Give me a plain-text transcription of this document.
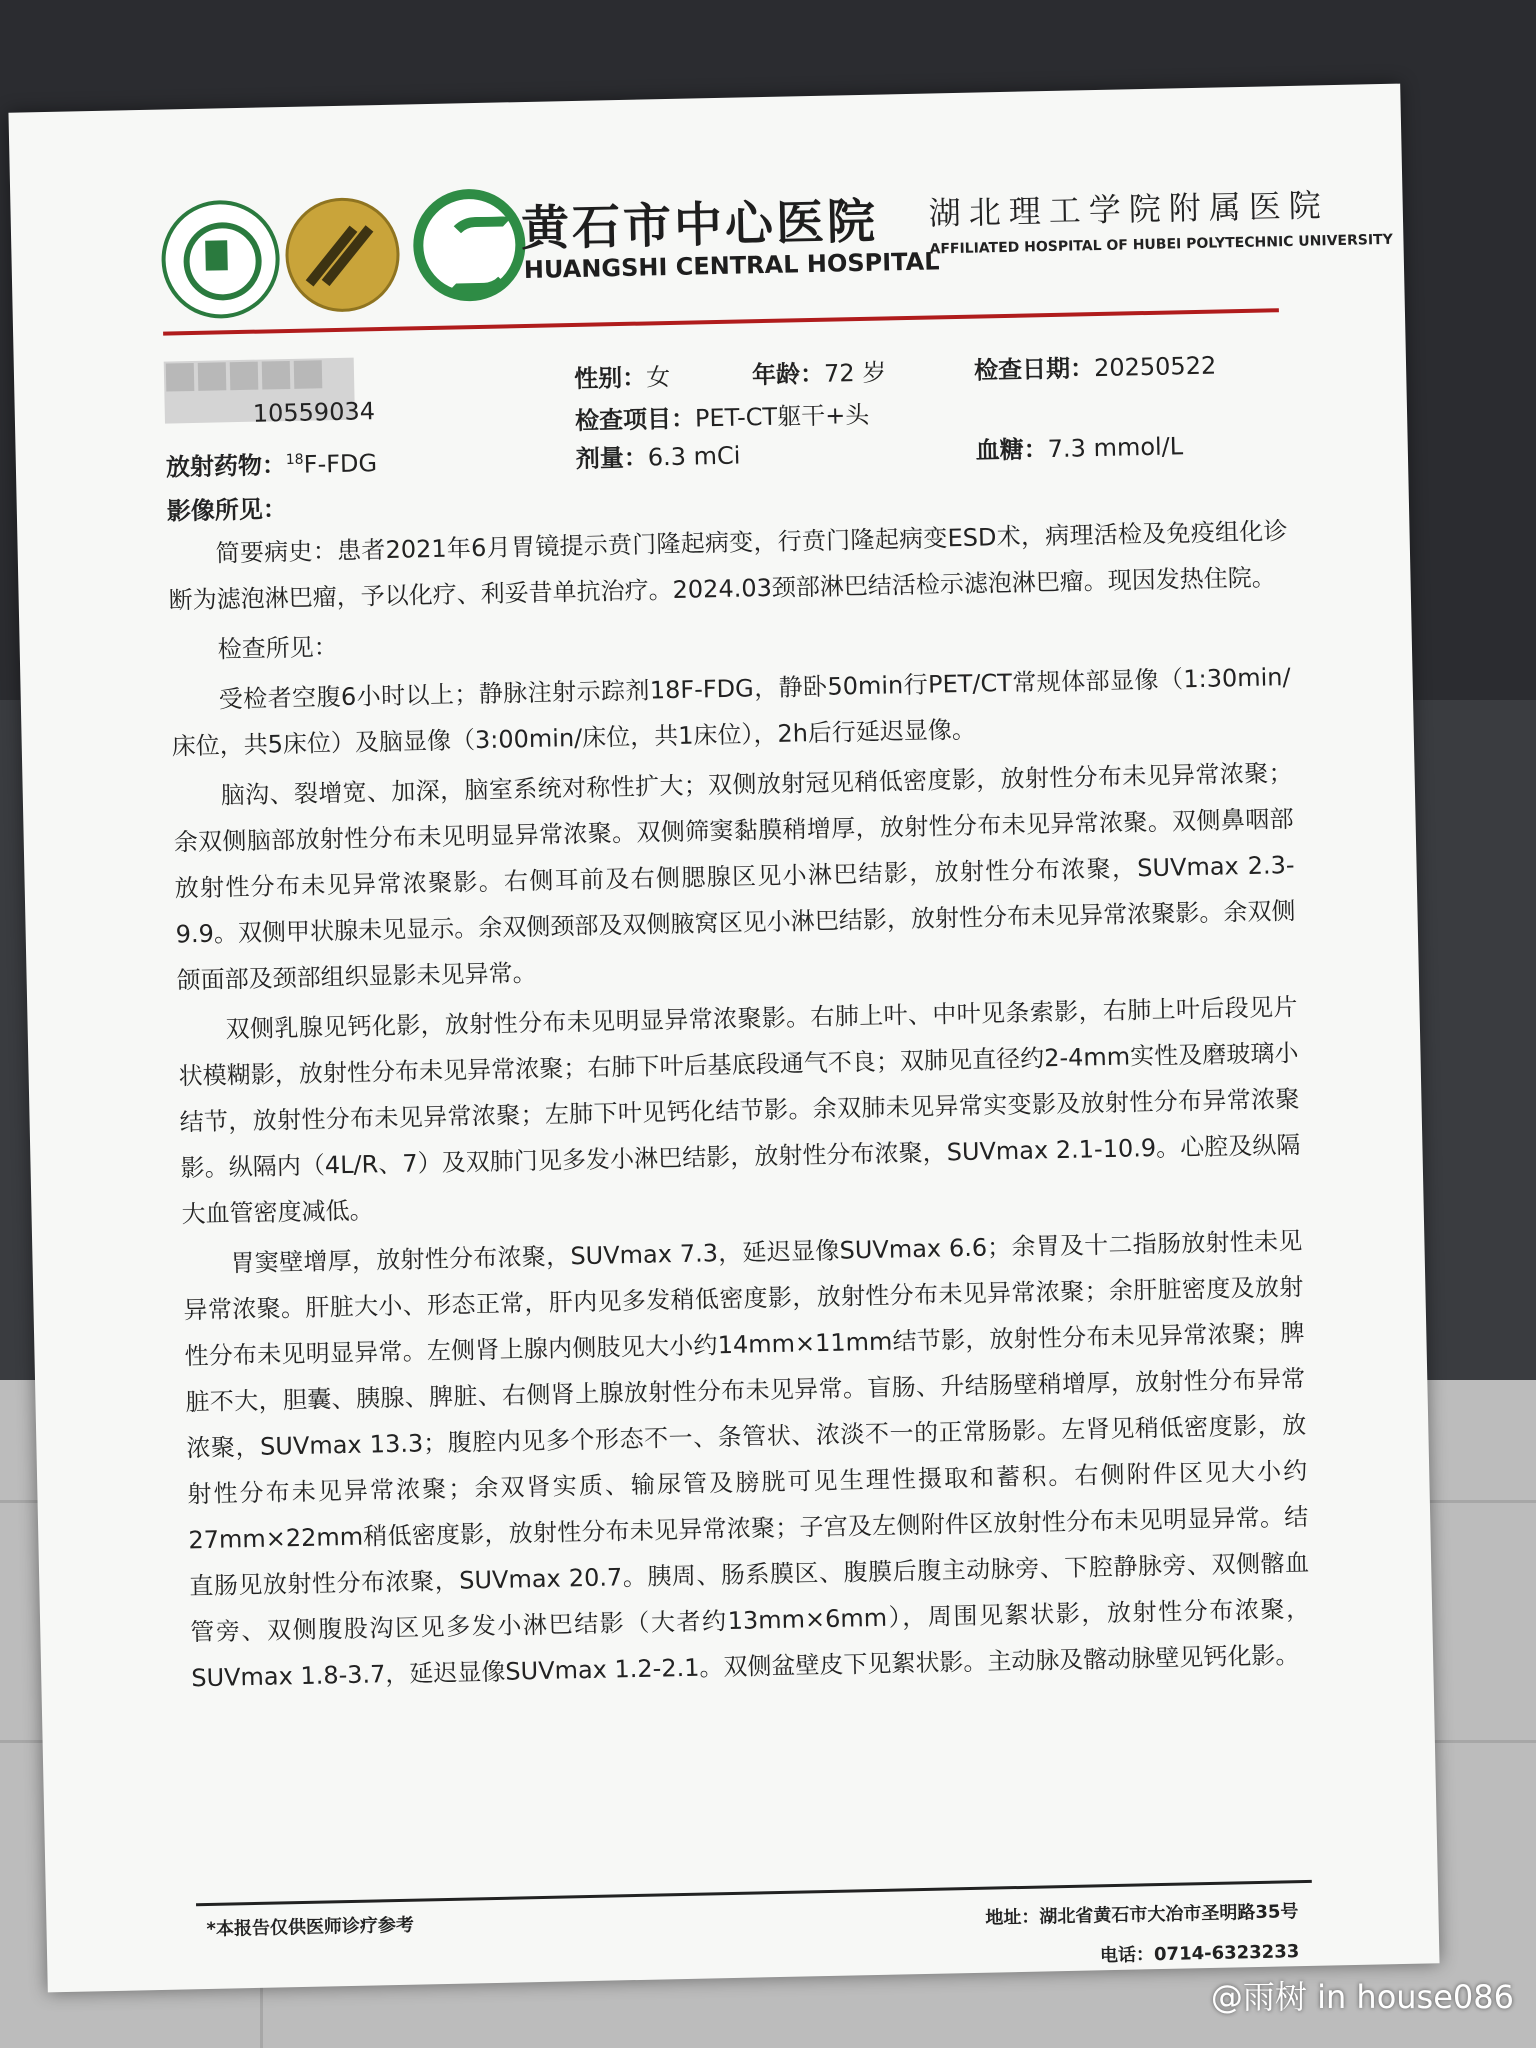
黄石市中心医院
HUANGSHI CENTRAL HOSPITAL
湖北理工学院附属医院
AFFILIATED HOSPITAL OF HUBEI POLYTECHNIC UNIVERSITY
10559034
性别：女	年龄：72 岁	检查日期：20250522
检查项目：PET-CT躯干+头
放射药物：$^{18}$F-FDG	剂量：6.3 mCi	血糖：7.3 mmol/L
影像所见：

简要病史：患者2021年6月胃镜提示贲门隆起病变，行贲门隆起病变ESD术，病理活检及免疫组化诊断为滤泡淋巴瘤，予以化疗、利妥昔单抗治疗。2024.03颈部淋巴结活检示滤泡淋巴瘤。现因发热住院。

检查所见：

受检者空腹6小时以上；静脉注射示踪剂18F-FDG，静卧50min行PET/CT常规体部显像（1:30min/床位，共5床位）及脑显像（3:00min/床位，共1床位），2h后行延迟显像。

脑沟、裂增宽、加深，脑室系统对称性扩大；双侧放射冠见稍低密度影，放射性分布未见异常浓聚；余双侧脑部放射性分布未见明显异常浓聚。双侧筛窦黏膜稍增厚，放射性分布未见异常浓聚。双侧鼻咽部放射性分布未见异常浓聚影。右侧耳前及右侧腮腺区见小淋巴结影，放射性分布浓聚，SUVmax 2.3-9.9。双侧甲状腺未见显示。余双侧颈部及双侧腋窝区见小淋巴结影，放射性分布未见异常浓聚影。余双侧颌面部及颈部组织显影未见异常。

双侧乳腺见钙化影，放射性分布未见明显异常浓聚影。右肺上叶、中叶见条索影，右肺上叶后段见片状模糊影，放射性分布未见异常浓聚；右肺下叶后基底段通气不良；双肺见直径约2-4mm实性及磨玻璃小结节，放射性分布未见异常浓聚；左肺下叶见钙化结节影。余双肺未见异常实变影及放射性分布异常浓聚影。纵隔内（4L/R、7）及双肺门见多发小淋巴结影，放射性分布浓聚，SUVmax 2.1-10.9。心腔及纵隔大血管密度减低。

胃窦壁增厚，放射性分布浓聚，SUVmax 7.3，延迟显像SUVmax 6.6；余胃及十二指肠放射性未见异常浓聚。肝脏大小、形态正常，肝内见多发稍低密度影，放射性分布未见异常浓聚；余肝脏密度及放射性分布未见明显异常。左侧肾上腺内侧肢见大小约14mm×11mm结节影，放射性分布未见异常浓聚；脾脏不大，胆囊、胰腺、脾脏、右侧肾上腺放射性分布未见异常。盲肠、升结肠壁稍增厚，放射性分布异常浓聚，SUVmax 13.3；腹腔内见多个形态不一、条管状、浓淡不一的正常肠影。左肾见稍低密度影，放射性分布未见异常浓聚；余双肾实质、输尿管及膀胱可见生理性摄取和蓄积。右侧附件区见大小约27mm×22mm稍低密度影，放射性分布未见异常浓聚；子宫及左侧附件区放射性分布未见明显异常。结直肠见放射性分布浓聚，SUVmax 20.7。胰周、肠系膜区、腹膜后腹主动脉旁、下腔静脉旁、双侧髂血管旁、双侧腹股沟区见多发小淋巴结影（大者约13mm×6mm），周围见絮状影，放射性分布浓聚，SUVmax 1.8-3.7，延迟显像SUVmax 1.2-2.1。双侧盆壁皮下见絮状影。主动脉及髂动脉壁见钙化影。

*本报告仅供医师诊疗参考	地址：湖北省黄石市大冶市圣明路35号
电话：0714-6323233
@雨树 in house086
